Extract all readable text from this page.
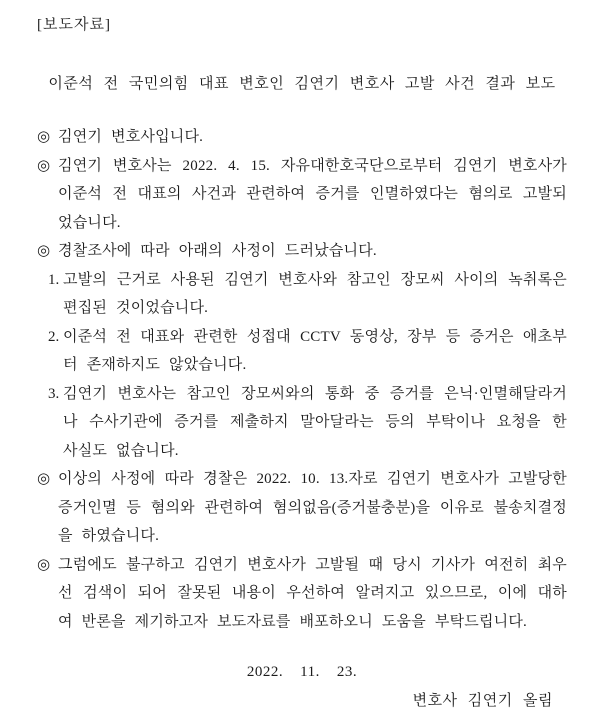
[보도자료]
이준석 전 국민의힘 대표 변호인 김연기 변호사 고발 사건 결과 보도
◎ 김연기 변호사입니다.
◎ 김연기 변호사는 2022. 4. 15. 자유대한호국단으로부터 김연기 변호사가 이준석 전 대표의 사건과 관련하여 증거를 인멸하였다는 혐의로 고발되었습니다.
◎ 경찰조사에 따라 아래의 사정이 드러났습니다.
1. 고발의 근거로 사용된 김연기 변호사와 참고인 장모씨 사이의 녹취록은 편집된 것이었습니다.
2. 이준석 전 대표와 관련한 성접대 CCTV 동영상, 장부 등 증거은 애초부터 존재하지도 않았습니다.
3. 김연기 변호사는 참고인 장모씨와의 통화 중 증거를 은닉·인멸해달라거나 수사기관에 증거를 제출하지 말아달라는 등의 부탁이나 요청을 한 사실도 없습니다.
◎ 이상의 사정에 따라 경찰은 2022. 10. 13.자로 김연기 변호사가 고발당한 증거인멸 등 혐의와 관련하여 혐의없음(증거불충분)을 이유로 불송치결정을 하였습니다.
◎ 그럼에도 불구하고 김연기 변호사가 고발될 때 당시 기사가 여전히 최우선 검색이 되어 잘못된 내용이 우선하여 알려지고 있으므로, 이에 대하여 반론을 제기하고자 보도자료를 배포하오니 도움을 부탁드립니다.
2022.    11.    23.
변호사 김연기 올림
